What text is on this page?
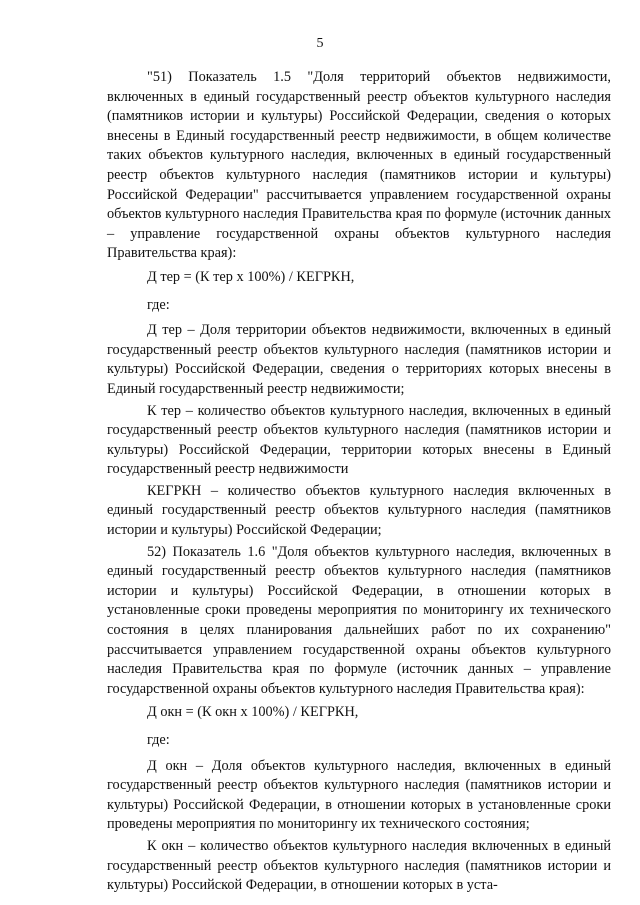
5

"51) Показатель 1.5 "Доля территорий объектов недвижимости, включенных в единый государственный реестр объектов культурного наследия (памятников истории и культуры) Российской Федерации, сведения о которых внесены в Единый государственный реестр недвижимости, в общем количестве таких объектов культурного наследия, включенных в единый государственный реестр объектов культурного наследия (памятников истории и культуры) Российской Федерации" рассчитывается управлением государственной охраны объектов культурного наследия Правительства края по формуле (источник данных – управление государственной охраны объектов культурного наследия Правительства края):

Д тер = (К тер х 100%) / КЕГРКН,

где:

Д тер – Доля территории объектов недвижимости, включенных в единый государственный реестр объектов культурного наследия (памятников истории и культуры) Российской Федерации, сведения о территориях которых внесены в Единый государственный реестр недвижимости;

К тер – количество объектов культурного наследия, включенных в единый государственный реестр объектов культурного наследия (памятников истории и культуры) Российской Федерации, территории которых внесены в Единый государственный реестр недвижимости

КЕГРКН – количество объектов культурного наследия включенных в единый государственный реестр объектов культурного наследия (памятников истории и культуры) Российской Федерации;

52) Показатель 1.6 "Доля объектов культурного наследия, включенных в единый государственный реестр объектов культурного наследия (памятников истории и культуры) Российской Федерации, в отношении которых в установленные сроки проведены мероприятия по мониторингу их технического состояния в целях планирования дальнейших работ по их сохранению" рассчитывается управлением государственной охраны объектов культурного наследия Правительства края по формуле (источник данных – управление государственной охраны объектов культурного наследия Правительства края):

Д окн = (К окн х 100%) / КЕГРКН,

где:

Д окн – Доля объектов культурного наследия, включенных в единый государственный реестр объектов культурного наследия (памятников истории и культуры) Российской Федерации, в отношении которых в установленные сроки проведены мероприятия по мониторингу их технического состояния;

К окн – количество объектов культурного наследия включенных в единый государственный реестр объектов культурного наследия (памятников истории и культуры) Российской Федерации, в отношении которых в уста-
